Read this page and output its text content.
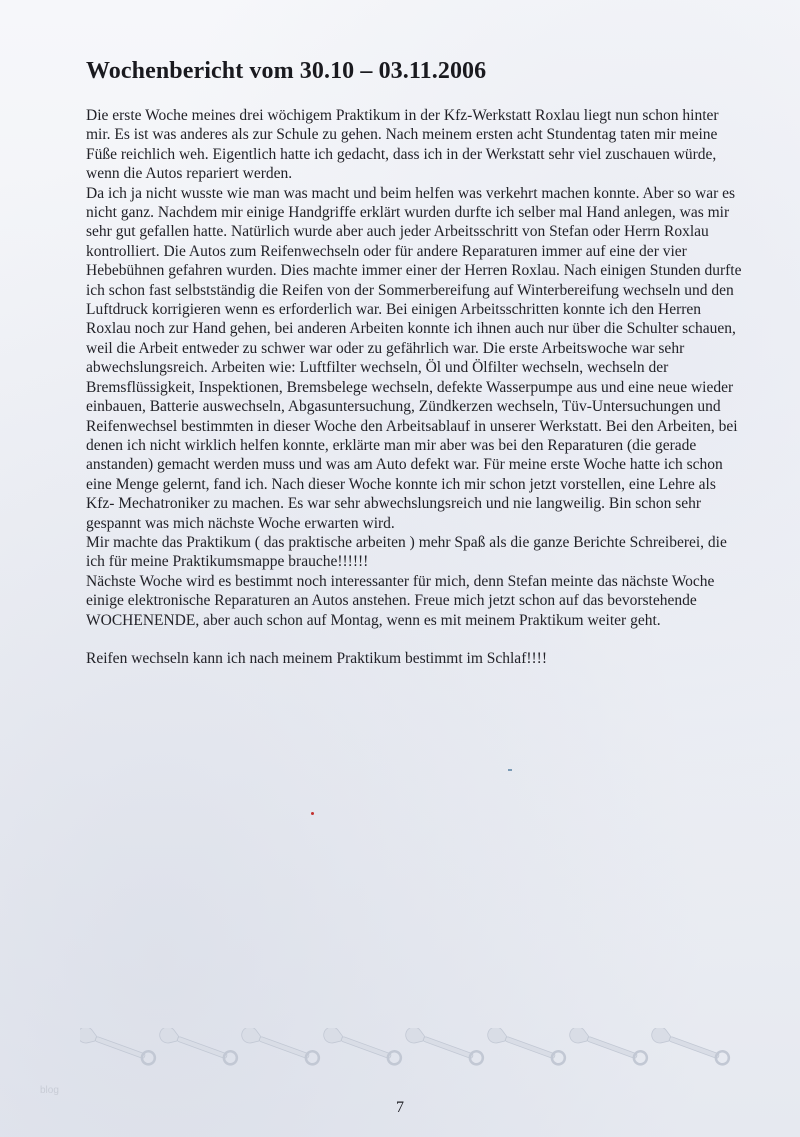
Wochenbericht vom 30.10 – 03.11.2006

Die erste Woche meines drei wöchigem Praktikum in der Kfz-Werkstatt Roxlau liegt nun schon hinter mir. Es ist was anderes als zur Schule zu gehen. Nach meinem ersten acht Stundentag taten mir meine Füße reichlich weh. Eigentlich hatte ich gedacht, dass ich in der Werkstatt sehr viel zuschauen würde, wenn die Autos repariert werden.

Da ich ja nicht wusste wie man was macht und beim helfen was verkehrt machen konnte. Aber so war es nicht ganz. Nachdem mir einige Handgriffe erklärt wurden durfte ich selber mal Hand anlegen, was mir sehr gut gefallen hatte. Natürlich wurde aber auch jeder Arbeitsschritt von Stefan oder Herrn Roxlau kontrolliert. Die Autos zum Reifenwechseln oder für andere Reparaturen immer auf eine der vier Hebebühnen gefahren wurden. Dies machte immer einer der Herren Roxlau. Nach einigen Stunden durfte ich schon fast selbstständig die Reifen von der Sommerbereifung auf Winterbereifung wechseln und den Luftdruck korrigieren wenn es erforderlich war. Bei einigen Arbeitsschritten konnte ich den Herren Roxlau noch zur Hand gehen, bei anderen Arbeiten konnte ich ihnen auch nur über die Schulter schauen, weil die Arbeit entweder zu schwer war oder zu gefährlich war. Die erste Arbeitswoche war sehr abwechslungsreich. Arbeiten wie: Luftfilter wechseln, Öl und Ölfilter wechseln, wechseln der Bremsflüssigkeit, Inspektionen, Bremsbelege wechseln, defekte Wasserpumpe aus und eine neue wieder einbauen, Batterie auswechseln, Abgasuntersuchung, Zündkerzen wechseln, Tüv-Untersuchungen und Reifenwechsel bestimmten in dieser Woche den Arbeitsablauf in unserer Werkstatt. Bei den Arbeiten, bei denen ich nicht wirklich helfen konnte, erklärte man mir aber was bei den Reparaturen (die gerade anstanden) gemacht werden muss und was am Auto defekt war. Für meine erste Woche hatte ich schon eine Menge gelernt, fand ich. Nach dieser Woche konnte ich mir schon jetzt vorstellen, eine Lehre als Kfz- Mechatroniker zu machen. Es war sehr abwechslungsreich und nie langweilig. Bin schon sehr gespannt was mich nächste Woche erwarten wird.

Mir machte das Praktikum ( das praktische arbeiten ) mehr Spaß als die ganze Berichte Schreiberei, die ich für meine Praktikumsmappe brauche!!!!!!

Nächste Woche wird es bestimmt noch interessanter für mich, denn Stefan meinte das nächste Woche einige elektronische Reparaturen an Autos anstehen. Freue mich jetzt schon auf das bevorstehende WOCHENENDE, aber auch schon auf Montag, wenn es mit meinem Praktikum weiter geht.

Reifen wechseln kann ich nach meinem Praktikum bestimmt im Schlaf!!!!

blog
7
